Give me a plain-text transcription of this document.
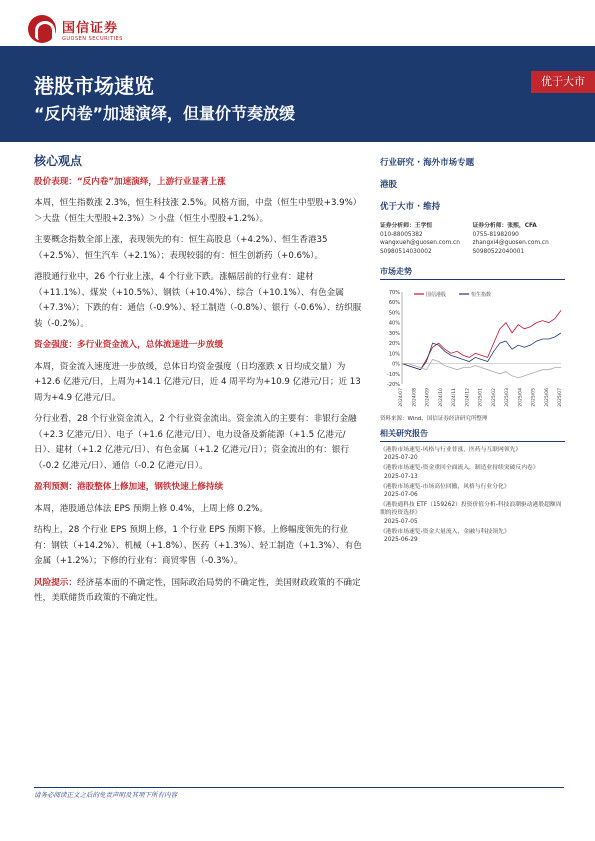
国信证券
GUOSEN SECURITIES
港股市场速览
“反内卷”加速演绎，但量价节奏放缓
优于大市
核心观点

股价表现：“反内卷”加速演绎，上游行业显著上涨

本周，恒生指数涨 2.3%，恒生科技涨 2.5%。风格方面，中盘（恒生中型股+3.9%）＞大盘（恒生大型股+2.3%）＞小盘（恒生小型股+1.2%）。

主要概念指数全部上涨，表现领先的有：恒生高股息（+4.2%）、恒生香港35（+2.5%）、恒生汽车（+2.1%）；表现较弱的有：恒生创新药（+0.6%）。

港股通行业中，26 个行业上涨，4 个行业下跌。涨幅居前的行业有：建材（+11.1%）、煤炭（+10.5%）、钢铁（+10.4%）、综合（+10.1%）、有色金属（+7.3%）；下跌的有：通信（-0.9%）、轻工制造（-0.8%）、银行（-0.6%）、纺织服装（-0.2%）。

资金强度：多行业资金流入，总体流速进一步放缓

本周，资金流入速度进一步放缓，总体日均资金强度（日均涨跌 x 日均成交量）为+12.6 亿港元/日，上周为+14.1 亿港元/日，近 4 周平均为+10.9 亿港元/日；近 13 周为+4.9 亿港元/日。

分行业看，28 个行业资金流入，2 个行业资金流出。资金流入的主要有：非银行金融（+2.3 亿港元/日）、电子（+1.6 亿港元/日）、电力设备及新能源（+1.5 亿港元/日）、建材（+1.2 亿港元/日）、有色金属（+1.2 亿港元/日）；资金流出的有：银行（-0.2 亿港元/日）、通信（-0.2 亿港元/日）。

盈利预测：港股整体上修加速，钢铁快速上修持续

本周，港股通总体法 EPS 预期上修 0.4%，上周上修 0.2%。

结构上，28 个行业 EPS 预期上修，1 个行业 EPS 预期下修。上修幅度领先的行业有：钢铁（+14.2%）、机械（+1.8%）、医药（+1.3%）、轻工制造（+1.3%）、有色金属（+1.2%）；下修的行业有：商贸零售（-0.3%）。

风险提示：经济基本面的不确定性，国际政治局势的不确定性，美国财政政策的不确定性，美联储货币政策的不确定性。

行业研究 · 海外市场专题
港股
优于大市 · 维持
证券分析师：王学恒
010-88005382
wangxueh@guosen.com.cn
S0980514030002
证券分析师：张熙，CFA
0755-81982090
zhangxi4@guosen.com.cn
S0980522040001
市场走势
-20%
-10%
0%
10%
20%
30%
40%
50%
60%
70%
2024/07 2024/08 2024/09 2024/10 2024/11 2024/12 2025/01 2025/02 2025/03 2025/04 2025/05 2025/06 2025/07
国信港股	恒生指数
资料来源：Wind、国信证券经济研究所整理
相关研究报告
《港股市场速览-风格与行业普涨，医药与互联网领先》
2025-07-20
《港股市场速览-资金重回全面流入，制造业持续突破反内卷》
2025-07-13
《港股市场速览-市场高位回撤，风格与行业分化》
2025-07-06
《港股通科技 ETF（159262）投资价值分析-科技浪潮驱动港股超额周期的投资选择》
2025-07-05
《港股市场速览-资金大量流入，金融与科技领先》
2025-06-29
请务必阅读正文之后的免责声明及其项下所有内容
